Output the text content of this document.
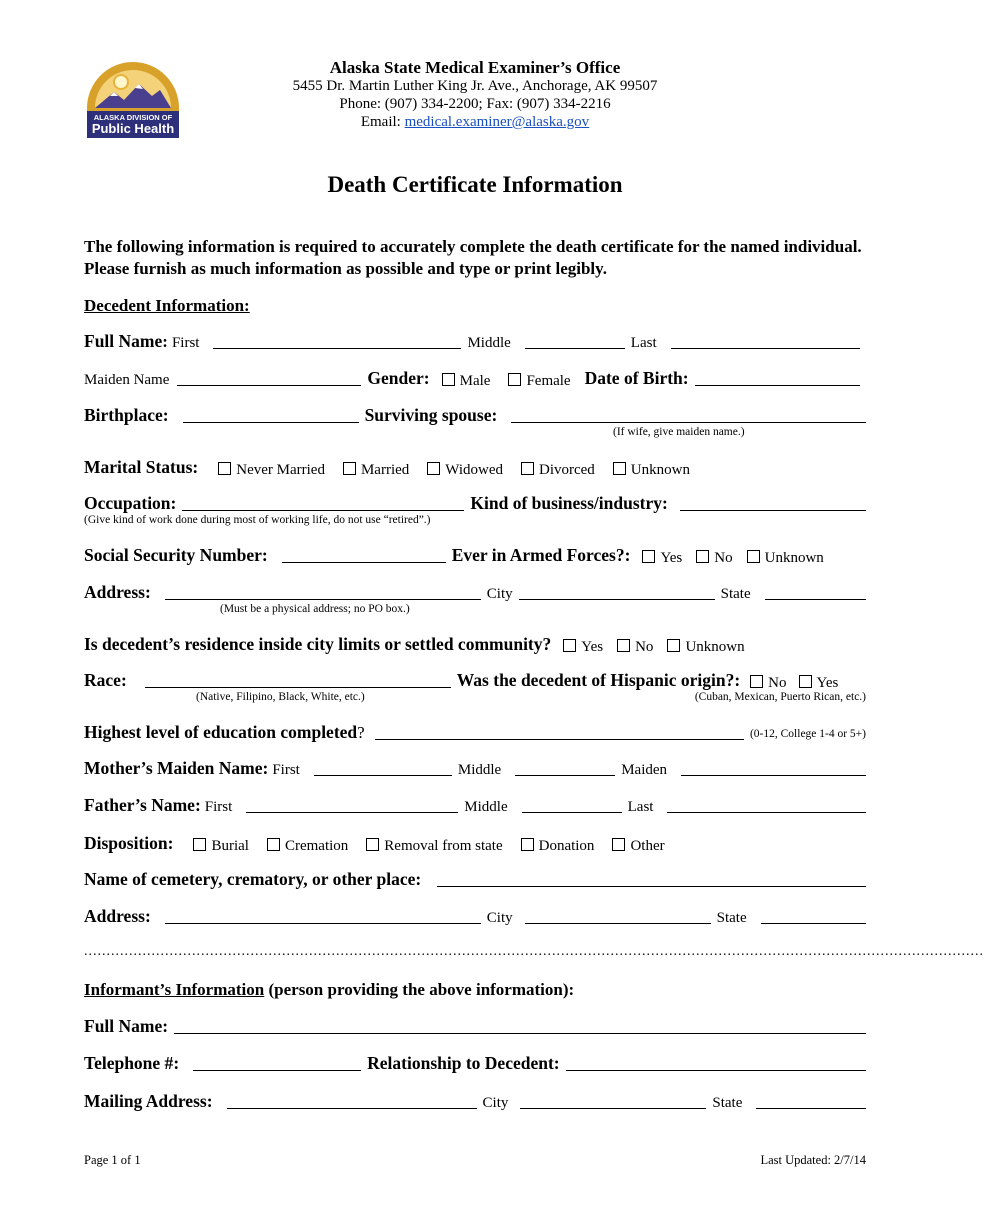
ALASKA DIVISION OF
Public Health
Alaska State Medical Examiner’s Office
5455 Dr. Martin Luther King Jr. Ave., Anchorage, AK 99507
Phone: (907) 334-2200; Fax: (907) 334-2216
Email: medical.examiner@alaska.gov
Death Certificate Information
The following information is required to accurately complete the death certificate for the named individual. Please furnish as much information as possible and type or print legibly.
Decedent Information:
Full Name : First	Middle	Last
Maiden Name	Gender : Male Female Date of Birth :
Birthplace :	Surviving spouse :
(If wife, give maiden name.)
Marital Status :	Never Married Married Widowed Divorced Unknown
Occupation :	Kind of business/industry :
(Give kind of work done during most of working life, do not use “retired”.)
Social Security Number :	Ever in Armed Forces? : Yes No Unknown
Address :	City	State
(Must be a physical address; no PO box.)
Is decedent’s residence inside city limits or settled community? Yes No Unknown
Race :	Was the decedent of Hispanic origin? : No Yes
(Native, Filipino, Black, White, etc.)	(Cuban, Mexican, Puerto Rican, etc.)
Highest level of education completed ?	(0-12, College 1-4 or 5+)
Mother’s Maiden Name : First	Middle	Maiden
Father’s Name : First	Middle	Last
Disposition:	Burial Cremation Removal from state Donation Other
Name of cemetery, crematory, or other place :
Address :	City	State
........................................................................................................................................................................................................
Informant’s Information (person providing the above information):
Full Name :
Telephone # :	Relationship to Decedent :
Mailing Address :	City	State
Page 1 of 1	Last Updated: 2/7/14
